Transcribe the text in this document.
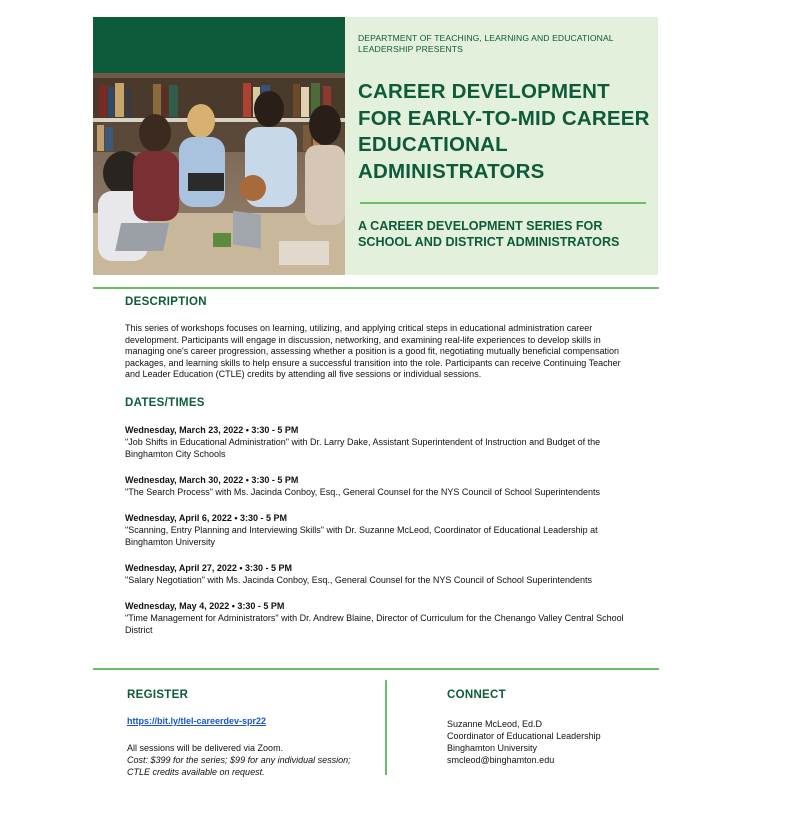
DEPARTMENT OF TEACHING, LEARNING AND EDUCATIONAL LEADERSHIP PRESENTS
CAREER DEVELOPMENT FOR EARLY-TO-MID CAREER EDUCATIONAL ADMINISTRATORS
A CAREER DEVELOPMENT SERIES FOR SCHOOL AND DISTRICT ADMINISTRATORS
DESCRIPTION
This series of workshops focuses on learning, utilizing, and applying critical steps in educational administration career development. Participants will engage in discussion, networking, and examining real-life experiences to develop skills in managing one's career progression, assessing whether a position is a good fit, negotiating mutually beneficial compensation packages, and learning skills to help ensure a successful transition into the role. Participants can receive Continuing Teacher and Leader Education (CTLE) credits by attending all five sessions or individual sessions.
DATES/TIMES
Wednesday, March 23, 2022 • 3:30 - 5 PM
"Job Shifts in Educational Administration" with Dr. Larry Dake, Assistant Superintendent of Instruction and Budget of the Binghamton City Schools
Wednesday, March 30, 2022 • 3:30 - 5 PM
"The Search Process" with Ms. Jacinda Conboy, Esq., General Counsel for the NYS Council of School Superintendents
Wednesday, April 6, 2022 • 3:30 - 5 PM
"Scanning, Entry Planning and Interviewing Skills" with Dr. Suzanne McLeod, Coordinator of Educational Leadership at Binghamton University
Wednesday, April 27, 2022 • 3:30 - 5 PM
"Salary Negotiation" with Ms. Jacinda Conboy, Esq., General Counsel for the NYS Council of School Superintendents
Wednesday, May 4, 2022 • 3:30 - 5 PM
"Time Management for Administrators" with Dr. Andrew Blaine, Director of Curriculum for the Chenango Valley Central School District
REGISTER
https://bit.ly/tlel-careerdev-spr22
All sessions will be delivered via Zoom.
Cost: $399 for the series; $99 for any individual session;
CTLE credits available on request.
CONNECT
Suzanne McLeod, Ed.D
Coordinator of Educational Leadership
Binghamton University
smcleod@binghamton.edu
